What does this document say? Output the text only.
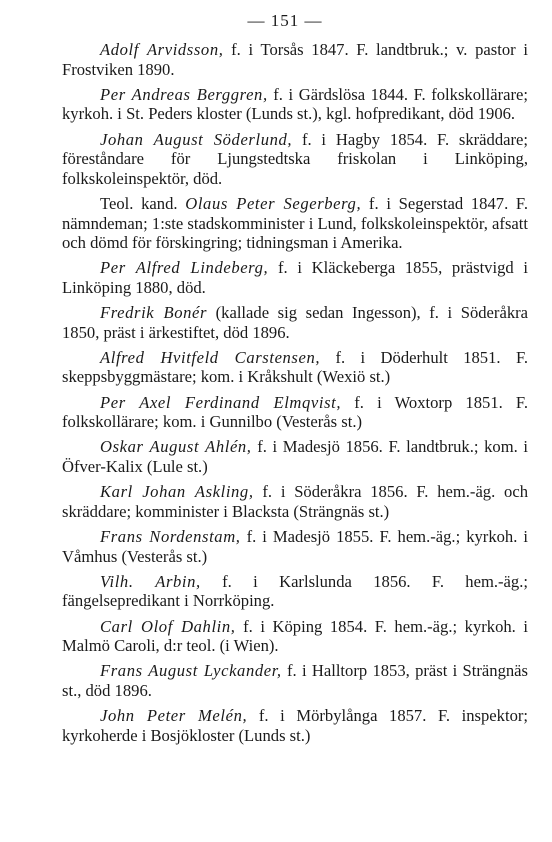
— 151 —

Adolf Arvidsson, f. i Torsås 1847. F. landtbruk.; v. pastor i Frostviken 1890.

Per Andreas Berggren, f. i Gärdslösa 1844. F. folkskollärare; kyrkoh. i St. Peders kloster (Lunds st.), kgl. hofpredikant, död 1906.

Johan August Söderlund, f. i Hagby 1854. F. skräddare; föreståndare för Ljungstedtska friskolan i Linköping, folkskoleinspektör, död.

Teol. kand. Olaus Peter Segerberg, f. i Segerstad 1847. F. nämndeman; 1:ste stadskomminister i Lund, folkskoleinspektör, afsatt och dömd för förskingring; tidningsman i Amerika.

Per Alfred Lindeberg, f. i Kläckeberga 1855, prästvigd i Linköping 1880, död.

Fredrik Bonér (kallade sig sedan Ingesson), f. i Söderåkra 1850, präst i ärkestiftet, död 1896.

Alfred Hvitfeld Carstensen, f. i Döderhult 1851. F. skeppsbyggmästare; kom. i Kråkshult (Wexiö st.)

Per Axel Ferdinand Elmqvist, f. i Woxtorp 1851. F. folkskollärare; kom. i Gunnilbo (Vesterås st.)

Oskar August Ahlén, f. i Madesjö 1856. F. landtbruk.; kom. i Öfver-Kalix (Lule st.)

Karl Johan Askling, f. i Söderåkra 1856. F. hem.-äg. och skräddare; komminister i Blacksta (Strängnäs st.)

Frans Nordenstam, f. i Madesjö 1855. F. hem.-äg.; kyrkoh. i Våmhus (Vesterås st.)

Vilh. Arbin, f. i Karlslunda 1856. F. hem.-äg.; fängelsepredikant i Norrköping.

Carl Olof Dahlin, f. i Köping 1854. F. hem.-äg.; kyrkoh. i Malmö Caroli, d:r teol. (i Wien).

Frans August Lyckander, f. i Halltorp 1853, präst i Strängnäs st., död 1896.

John Peter Melén, f. i Mörbylånga 1857. F. inspektor; kyrkoherde i Bosjökloster (Lunds st.)
